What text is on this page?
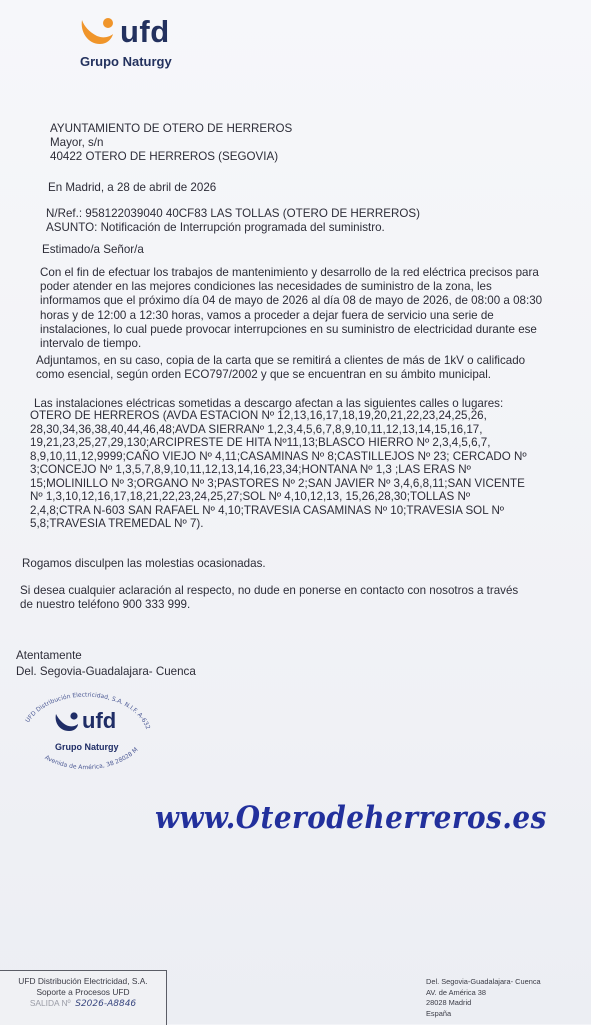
ufd
Grupo Naturgy
AYUNTAMIENTO DE OTERO DE HERREROS
Mayor, s/n
40422 OTERO DE HERREROS (SEGOVIA)
En Madrid, a 28 de abril de 2026
N/Ref.: 958122039040 40CF83 LAS TOLLAS (OTERO DE HERREROS)
ASUNTO: Notificación de Interrupción programada del suministro.
Estimado/a Señor/a
Con el fin de efectuar los trabajos de mantenimiento y desarrollo de la red eléctrica precisos para
poder atender en las mejores condiciones las necesidades de suministro de la zona, les
informamos que el próximo día 04 de mayo de 2026 al día 08 de mayo de 2026, de 08:00 a 08:30
horas y de 12:00 a 12:30 horas, vamos a proceder a dejar fuera de servicio una serie de
instalaciones, lo cual puede provocar interrupciones en su suministro de electricidad durante ese
intervalo de tiempo.
Adjuntamos, en su caso, copia de la carta que se remitirá a clientes de más de 1kV o calificado
como esencial, según orden ECO797/2002 y que se encuentran en su ámbito municipal.
Las instalaciones eléctricas sometidas a descargo afectan a las siguientes calles o lugares:
OTERO DE HERREROS (AVDA ESTACION Nº 12,13,16,17,18,19,20,21,22,23,24,25,26,
28,30,34,36,38,40,44,46,48;AVDA SIERRANº 1,2,3,4,5,6,7,8,9,10,11,12,13,14,15,16,17,
19,21,23,25,27,29,130;ARCIPRESTE DE HITA Nº11,13;BLASCO HIERRO Nº 2,3,4,5,6,7,
8,9,10,11,12,9999;CAÑO VIEJO Nº 4,11;CASAMINAS Nº 8;CASTILLEJOS Nº 23; CERCADO Nº
3;CONCEJO Nº 1,3,5,7,8,9,10,11,12,13,14,16,23,34;HONTANA Nº 1,3 ;LAS ERAS Nº
15;MOLINILLO Nº 3;ORGANO Nº 3;PASTORES Nº 2;SAN JAVIER Nº 3,4,6,8,11;SAN VICENTE
Nº 1,3,10,12,16,17,18,21,22,23,24,25,27;SOL Nº 4,10,12,13, 15,26,28,30;TOLLAS Nº
2,4,8;CTRA N-603 SAN RAFAEL Nº 4,10;TRAVESIA CASAMINAS Nº 10;TRAVESIA SOL Nº
5,8;TRAVESIA TREMEDAL Nº 7).
Rogamos disculpen las molestias ocasionadas.
Si desea cualquier aclaración al respecto, no dude en ponerse en contacto con nosotros a través
de nuestro teléfono 900 333 999.
Atentamente
Del. Segovia-Guadalajara- Cuenca
UFD Distribución Electricidad, S.A. N.I.F. A-632
Avenida de América, 38 28028 M
ufd
Grupo Naturgy
www.Oterodeherreros.es
UFD Distribución Electricidad, S.A.
Soporte a Procesos UFD
SALIDA Nº S2026-A8846
Del. Segovia-Guadalajara- Cuenca
AV. de América 38
28028 Madrid
España
